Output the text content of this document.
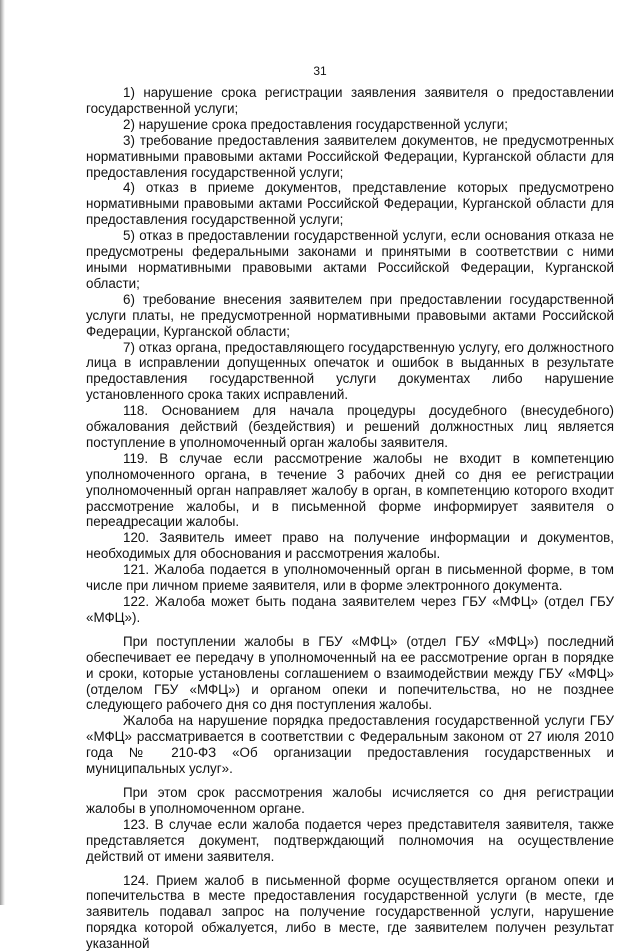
31

1) нарушение срока регистрации заявления заявителя о предоставлении государственной услуги;

2) нарушение срока предоставления государственной услуги;

3) требование предоставления заявителем документов, не предусмотренных нормативными правовыми актами Российской Федерации, Курганской области для предоставления государственной услуги;

4) отказ в приеме документов, представление которых предусмотрено нормативными правовыми актами Российской Федерации, Курганской области для предоставления государственной услуги;

5) отказ в предоставлении государственной услуги, если основания отказа не предусмотрены федеральными законами и принятыми в соответствии с ними иными нормативными правовыми актами Российской Федерации, Курганской области;

6) требование внесения заявителем при предоставлении государственной услуги платы, не предусмотренной нормативными правовыми актами Российской Федерации, Курганской области;

7) отказ органа, предоставляющего государственную услугу, его должностного лица в исправлении допущенных опечаток и ошибок в выданных в результате предоставления государственной услуги документах либо нарушение установленного срока таких исправлений.

118. Основанием для начала процедуры досудебного (внесудебного) обжалования действий (бездействия) и решений должностных лиц является поступление в уполномоченный орган жалобы заявителя.

119. В случае если рассмотрение жалобы не входит в компетенцию уполномоченного органа, в течение 3 рабочих дней со дня ее регистрации уполномоченный орган направляет жалобу в орган, в компетенцию которого входит рассмотрение жалобы, и в письменной форме информирует заявителя о переадресации жалобы.

120. Заявитель имеет право на получение информации и документов, необходимых для обоснования и рассмотрения жалобы.

121. Жалоба подается в уполномоченный орган в письменной форме, в том числе при личном приеме заявителя, или в форме электронного документа.

122. Жалоба может быть подана заявителем через ГБУ «МФЦ» (отдел ГБУ «МФЦ»).

При поступлении жалобы в ГБУ «МФЦ» (отдел ГБУ «МФЦ») последний обеспечивает ее передачу в уполномоченный на ее рассмотрение орган в порядке и сроки, которые установлены соглашением о взаимодействии между ГБУ «МФЦ» (отделом ГБУ «МФЦ») и органом опеки и попечительства, но не позднее следующего рабочего дня со дня поступления жалобы.

Жалоба на нарушение порядка предоставления государственной услуги ГБУ «МФЦ» рассматривается в соответствии с Федеральным законом от 27 июля 2010 года № 210-ФЗ «Об организации предоставления государственных и муниципальных услуг».

При этом срок рассмотрения жалобы исчисляется со дня регистрации жалобы в уполномоченном органе.

123. В случае если жалоба подается через представителя заявителя, также представляется документ, подтверждающий полномочия на осуществление действий от имени заявителя.

124. Прием жалоб в письменной форме осуществляется органом опеки и попечительства в месте предоставления государственной услуги (в месте, где заявитель подавал запрос на получение государственной услуги, нарушение порядка которой обжалуется, либо в месте, где заявителем получен результат указанной
